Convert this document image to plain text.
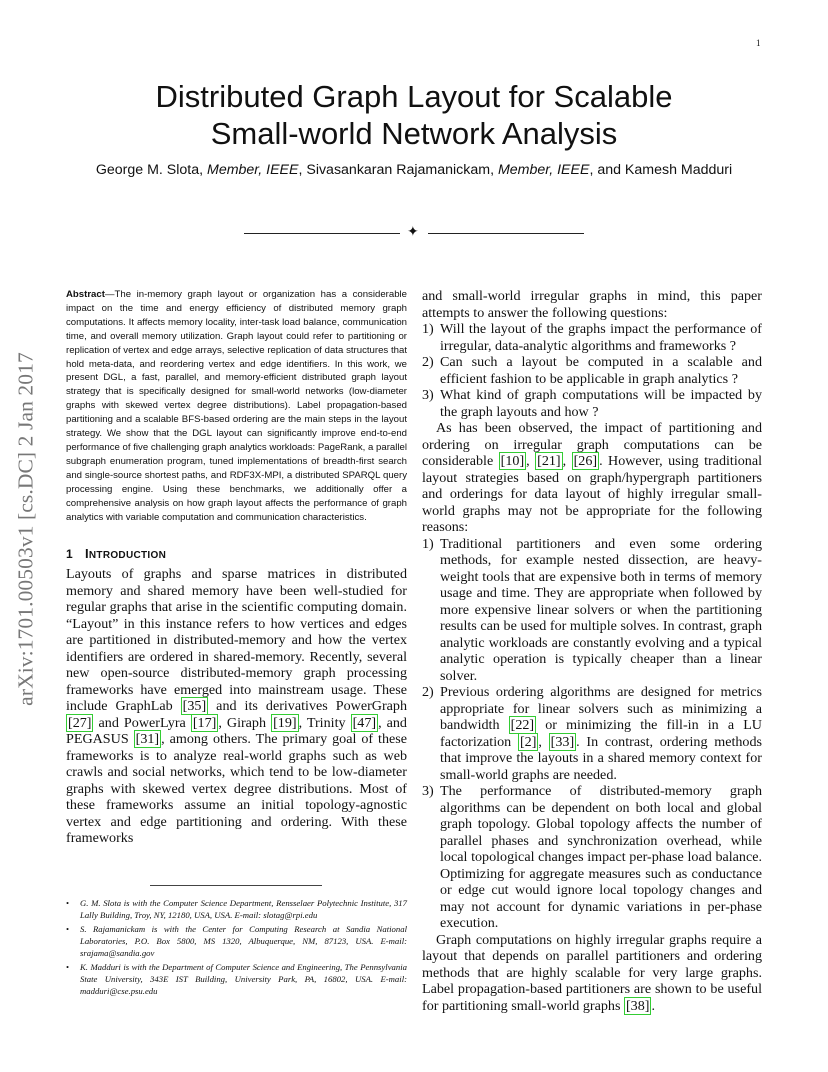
1
arXiv:1701.00503v1 [cs.DC] 2 Jan 2017
Distributed Graph Layout for Scalable
Small-world Network Analysis
George M. Slota, Member, IEEE, Sivasankaran Rajamanickam, Member, IEEE, and Kamesh Madduri
✦

Abstract—The in-memory graph layout or organization has a considerable impact on the time and energy efficiency of distributed memory graph computations. It affects memory locality, inter-task load balance, communication time, and overall memory utilization. Graph layout could refer to partitioning or replication of vertex and edge arrays, selective replication of data structures that hold meta-data, and reordering vertex and edge identifiers. In this work, we present DGL, a fast, parallel, and memory-efficient distributed graph layout strategy that is specifically designed for small-world networks (low-diameter graphs with skewed vertex degree distributions). Label propagation-based partitioning and a scalable BFS-based ordering are the main steps in the layout strategy. We show that the DGL layout can significantly improve end-to-end performance of five challenging graph analytics workloads: PageRank, a parallel subgraph enumeration program, tuned implementations of breadth-first search and single-source shortest paths, and RDF3X-MPI, a distributed SPARQL query processing engine. Using these benchmarks, we additionally offer a comprehensive analysis on how graph layout affects the performance of graph analytics with variable computation and communication characteristics.

1 INTRODUCTION

Layouts of graphs and sparse matrices in distributed memory and shared memory have been well-studied for regular graphs that arise in the scientific computing domain. “Layout” in this instance refers to how vertices and edges are partitioned in distributed-memory and how the vertex identifiers are ordered in shared-memory. Recently, several new open-source distributed-memory graph processing frameworks have emerged into mainstream usage. These include GraphLab [35] and its derivatives PowerGraph [27] and PowerLyra [17] , Giraph [19] , Trinity [47] , and PEGASUS [31] , among others. The primary goal of these frameworks is to analyze real-world graphs such as web crawls and social networks, which tend to be low-diameter graphs with skewed vertex degree distributions. Most of these frameworks assume an initial topology-agnostic vertex and edge partitioning and ordering. With these frameworks

and small-world irregular graphs in mind, this paper attempts to answer the following questions:

1) Will the layout of the graphs impact the performance of irregular, data-analytic algorithms and frameworks ?
2) Can such a layout be computed in a scalable and efficient fashion to be applicable in graph analytics ?
3) What kind of graph computations will be impacted by the graph layouts and how ?

As has been observed, the impact of partitioning and ordering on irregular graph computations can be considerable [10] , [21] , [26] . However, using traditional layout strategies based on graph/hypergraph partitioners and orderings for data layout of highly irregular small-world graphs may not be appropriate for the following reasons:

1) Traditional partitioners and even some ordering methods, for example nested dissection, are heavy-weight tools that are expensive both in terms of memory usage and time. They are appropriate when followed by more expensive linear solvers or when the partitioning results can be used for multiple solves. In contrast, graph analytic workloads are constantly evolving and a typical analytic operation is typically cheaper than a linear solver.
2) Previous ordering algorithms are designed for metrics appropriate for linear solvers such as minimizing a bandwidth [22] or minimizing the fill-in in a LU factorization [2] , [33] . In contrast, ordering methods that improve the layouts in a shared memory context for small-world graphs are needed.
3) The performance of distributed-memory graph algorithms can be dependent on both local and global graph topology. Global topology affects the number of parallel phases and synchronization overhead, while local topological changes impact per-phase load balance. Optimizing for aggregate measures such as conductance or edge cut would ignore local topology changes and may not account for dynamic variations in per-phase execution.

Graph computations on highly irregular graphs require a layout that depends on parallel partitioners and ordering methods that are highly scalable for very large graphs. Label propagation-based partitioners are shown to be useful for partitioning small-world graphs [38] .

• G. M. Slota is with the Computer Science Department, Rensselaer Polytechnic Institute, 317 Lally Building, Troy, NY, 12180, USA, USA. E-mail: slotag@rpi.edu
• S. Rajamanickam is with the Center for Computing Research at Sandia National Laboratories, P.O. Box 5800, MS 1320, Albuquerque, NM, 87123, USA. E-mail: srajama@sandia.gov
• K. Madduri is with the Department of Computer Science and Engineering, The Pennsylvania State University, 343E IST Building, University Park, PA, 16802, USA. E-mail: madduri@cse.psu.edu
